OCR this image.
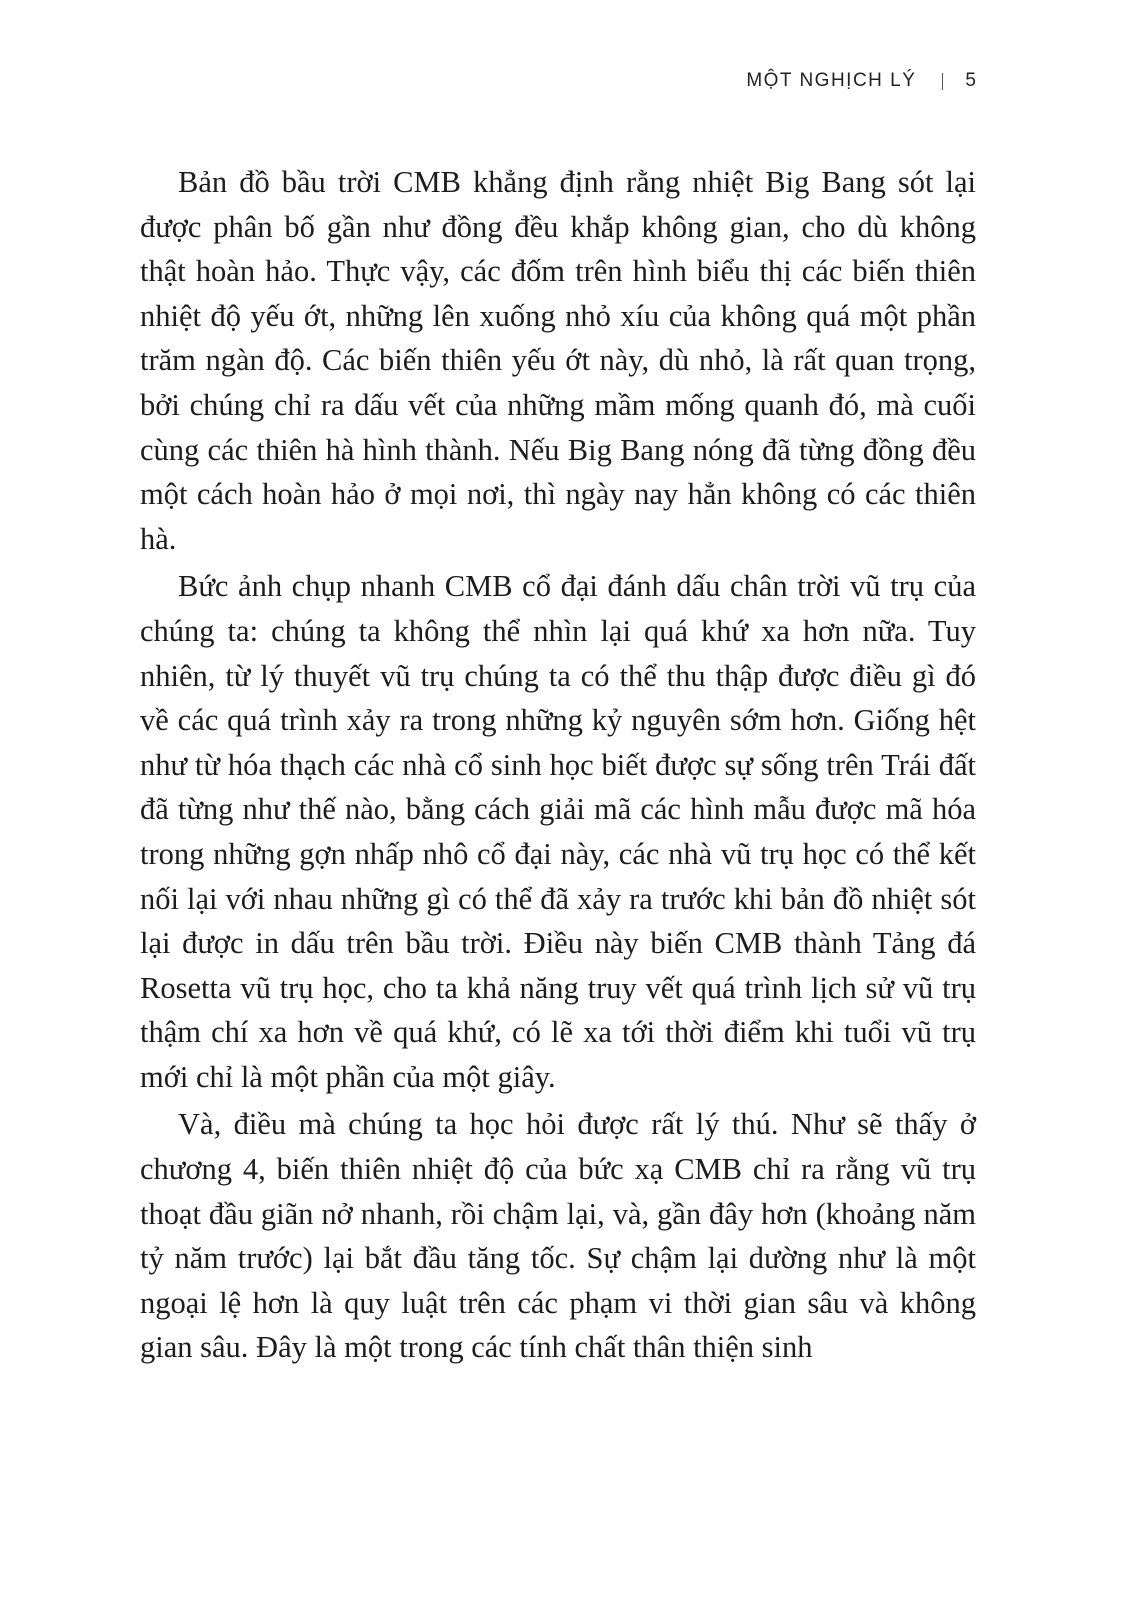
MỘT NGHỊCH LÝ	5

Bản đồ bầu trời CMB khẳng định rằng nhiệt Big Bang sót lại được phân bố gần như đồng đều khắp không gian, cho dù không thật hoàn hảo. Thực vậy, các đốm trên hình biểu thị các biến thiên nhiệt độ yếu ớt, những lên xuống nhỏ xíu của không quá một phần trăm ngàn độ. Các biến thiên yếu ớt này, dù nhỏ, là rất quan trọng, bởi chúng chỉ ra dấu vết của những mầm mống quanh đó, mà cuối cùng các thiên hà hình thành. Nếu Big Bang nóng đã từng đồng đều một cách hoàn hảo ở mọi nơi, thì ngày nay hẳn không có các thiên hà.

Bức ảnh chụp nhanh CMB cổ đại đánh dấu chân trời vũ trụ của chúng ta: chúng ta không thể nhìn lại quá khứ xa hơn nữa. Tuy nhiên, từ lý thuyết vũ trụ chúng ta có thể thu thập được điều gì đó về các quá trình xảy ra trong những kỷ nguyên sớm hơn. Giống hệt như từ hóa thạch các nhà cổ sinh học biết được sự sống trên Trái đất đã từng như thế nào, bằng cách giải mã các hình mẫu được mã hóa trong những gợn nhấp nhô cổ đại này, các nhà vũ trụ học có thể kết nối lại với nhau những gì có thể đã xảy ra trước khi bản đồ nhiệt sót lại được in dấu trên bầu trời. Điều này biến CMB thành Tảng đá Rosetta vũ trụ học, cho ta khả năng truy vết quá trình lịch sử vũ trụ thậm chí xa hơn về quá khứ, có lẽ xa tới thời điểm khi tuổi vũ trụ mới chỉ là một phần của một giây.

Và, điều mà chúng ta học hỏi được rất lý thú. Như sẽ thấy ở chương 4, biến thiên nhiệt độ của bức xạ CMB chỉ ra rằng vũ trụ thoạt đầu giãn nở nhanh, rồi chậm lại, và, gần đây hơn (khoảng năm tỷ năm trước) lại bắt đầu tăng tốc. Sự chậm lại dường như là một ngoại lệ hơn là quy luật trên các phạm vi thời gian sâu và không gian sâu. Đây là một trong các tính chất thân thiện sinh
